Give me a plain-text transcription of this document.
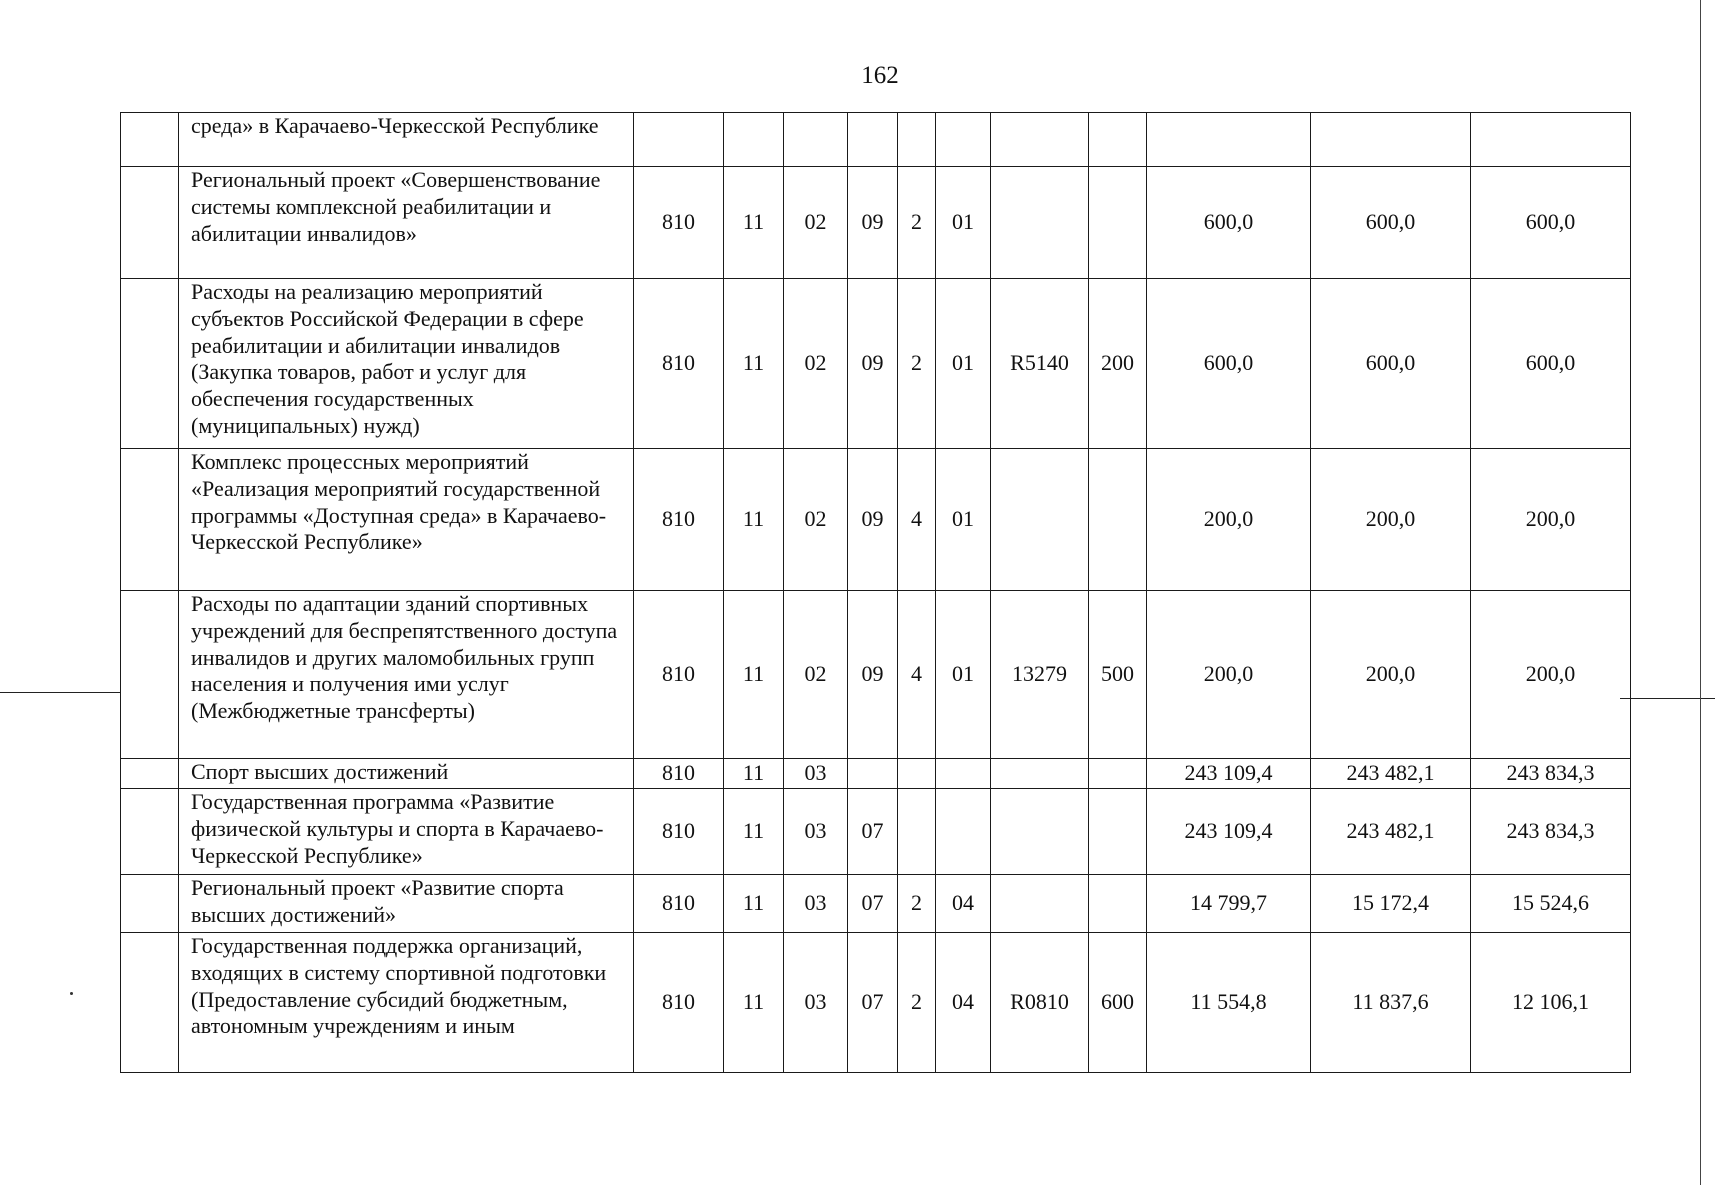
162
	среда» в Карачаево-Черкесской Республике											
	Региональный проект «Совершенствование системы комплексной реабилитации и абилитации инвалидов»	810	11	02	09	2	01			600,0	600,0	600,0
	Расходы на реализацию мероприятий субъектов Российской Федерации в сфере реабилитации и абилитации инвалидов (Закупка товаров, работ и услуг для обеспечения государственных (муниципальных) нужд)	810	11	02	09	2	01	R5140	200	600,0	600,0	600,0
	Комплекс процессных мероприятий «Реализация мероприятий государственной программы «Доступная среда» в Карачаево-Черкесской Республике»	810	11	02	09	4	01			200,0	200,0	200,0
	Расходы по адаптации зданий спортивных учреждений для беспрепятственного доступа инвалидов и других маломобильных групп населения и получения ими услуг (Межбюджетные трансферты)	810	11	02	09	4	01	13279	500	200,0	200,0	200,0
	Спорт высших достижений	810	11	03						243 109,4	243 482,1	243 834,3
	Государственная программа «Развитие физической культуры и спорта в Карачаево-Черкесской Республике»	810	11	03	07					243 109,4	243 482,1	243 834,3
	Региональный проект «Развитие спорта высших достижений»	810	11	03	07	2	04			14 799,7	15 172,4	15 524,6
	Государственная поддержка организаций, входящих в систему спортивной подготовки (Предоставление субсидий бюджетным, автономным учреждениям и иным	810	11	03	07	2	04	R0810	600	11 554,8	11 837,6	12 106,1
